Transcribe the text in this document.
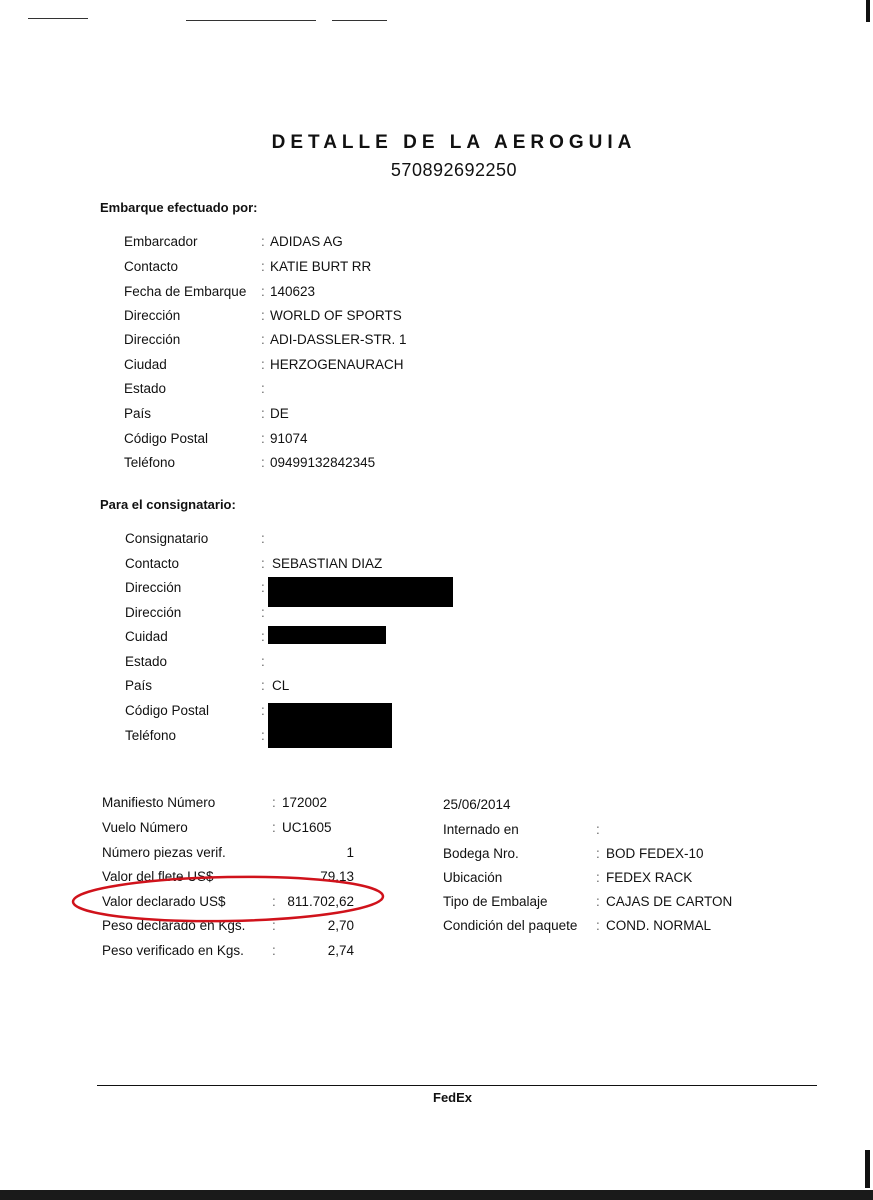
DETALLE DE LA AEROGUIA
570892692250
Embarque efectuado por:
Embarcador	: ADIDAS AG
Contacto	: KATIE BURT RR
Fecha de Embarque : 140623
Dirección	: WORLD OF SPORTS
Dirección	: ADI-DASSLER-STR. 1
Ciudad	: HERZOGENAURACH
Estado	:
País	: DE
Código Postal	: 91074
Teléfono	: 09499132842345
Para el consignatario:
Consignatario	:
Contacto	: SEBASTIAN DIAZ
Dirección	:
Dirección	:
Cuidad	:
Estado	:
País	: CL
Código Postal	:
Teléfono	:
Manifiesto Número	: 172002
Vuelo Número	: UC1605
Número piezas verif.	1
Valor del flete US$	79,13
Valor declarado US$	: 811.702,62
Peso declarado en Kgs. :	2,70
Peso verificado en Kgs. :	2,74
25/06/2014
Internado en	:
Bodega Nro.	: BOD FEDEX-10
Ubicación	: FEDEX RACK
Tipo de Embalaje	: CAJAS DE CARTON
Condición del paquete : COND. NORMAL
FedEx
